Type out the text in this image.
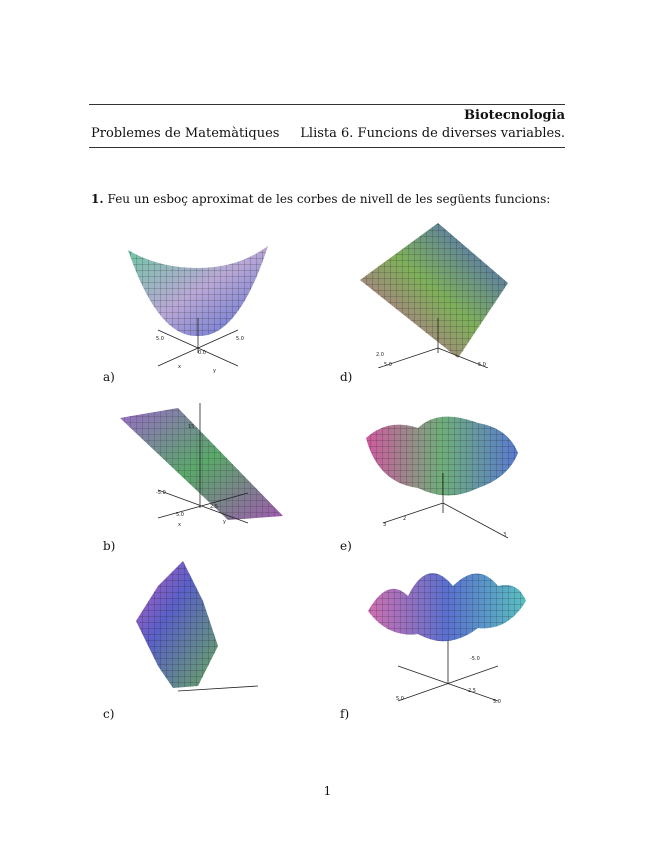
Biotecnologia
Problemes de Matemàtiques Llista 6. Funcions de diverses variables.
1. Feu un esboç aproximat de les corbes de nivell de les següents funcions:
5.0	5.0
0.0
x
y
a)
2.0
5.0	5.0
d)
15
-5.0
2.5
5.0
x	y
b)
3
2
3
e)
c)
-5.0
2.5
5.0	5.0
f)
1
